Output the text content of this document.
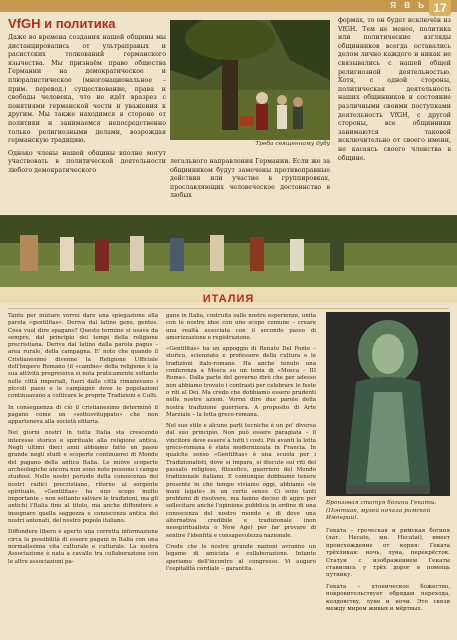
Я В Ь 17
VfGH и политика

Даже во времена создания нашей общины мы дистанцировались от ультраправых и расистских толкований германского язычества. Мы признаём право общества Германии на демократическое и плюралистическое (многонациональное – прим. перевод.) существование, права и свободы человека, что не идёт вразрез с понятиями германской чести и уважения к другим. Мы также находимся в стороне от политики и занимаемся непосредственно только религиозными делами, возрождая германскую традицию.

Однако члены нашей общины вполне могут участвовать в политической деятельности любого демократического

Треба священному дубу

легального направления Германии. Если же за общинником будут замечены противоправные действия или участие в группировках, прославляющих человеческое достоинство в любых

формах, то он будет исключён из VfGH. Тем не менее, политика или политические взгляды общинников всегда оставались делом лично каждого и никак не связывались с нашей общей религиозной деятельностью. Хотя, с одной стороны, политическая деятельность наших общинников и состояние различными своими поступками деятельность VfGH, с другой стороны, все общинники занимаются таковой исключительно от своего имени, не касаясь своего членства в общине.

ИТАЛИЯ

Tanto per iniziare vorrei dare una spiegazione alla parola «gentilitas». Deriva dal latino gens, gentes. Cosa vuol dire spagano? Questo termine si usava da sempre, dal principio dei tempi della religione precristiana. Deriva dal latino dalla parola pagus – area rurale, della campagna. E' noto che quando il Cristianesimo divenne la Religione Ufficiale dell'Impero Romano (il «cambio» della religione è la sua attività progressiva si nota praticamente soltanto nelle città imperiali, fuori dalle città rimanevano i piccoli paesi e le campagne dove le popolazioni continuavano a coltivare le proprie Tradizioni e Culti.

In conseguenza di ciò il cristianesimo determinò il pagano come un «sottosviluppato» che non apparteneva alla società elitaria.

Nei giorni nostri in tutta Italia sta crescendo interesse storico e spirituale alla religione antica. Negli ultimi dieci anni abbiamo fatto un passo grande negli studi e scoperte continuerei di Mondo del pagano della antica Italia. Le nuove scoperte archeologiche ancora non sono noto possono i campo studiosi. Nello nostri periodo della conoscenza dei nostri radici precristiane, ritorno al sorgente spirituale, «Gentilitas» ha uno scopo molto importante – non soltanto salvare le tradizioni, ma gli antichi l'Italia fino al titolo, ma anche diffondere e insegnare quella saggezza e conoscenza antica dei nostri antenati, del nostro popolo italiano.

Diffondere libero e aperto una corretta informazione circa la possibilità di essere pagani in Italia con una normalissima vita culturale e culturale. La nostra Associazione è nata a cavallo tra collaborazione con le altre associazioni pa-

gane in Italia, costruita sulle nostre esperienze, unita con le nostre idee con uno scopo comune – creare una realtà associata con il secondo passo di amorizzazione e registrazione.

«Gentilitas» ha un appoggio di Renato Del Ponte – storico, scienziato e professore della cultura e le tradizioni italo-romane. Ha anche tenuto una conferenza a Mosca su un tema di «Mosca – III Roma». Dalla parte del governo dirò che per adesso non abbiamo trovato i contrasti per celebrare le feste o riti al Dei. Ma credo che dobbiamo essere prudenti nelle nostre azioni. Vorrei dire due parole della nostra tradizione guerriera. A proposito di Arte Marziale – la lotta greco-romana.

Nel suo stile e alcune parti tecniche è un po' diversa dal suo principio. Non può essere paragiata – il vincitore deve essere a tutti i costi. Più avanti la lotta greco-romana è stata modernizzata in Francia. In qualche senso «Gentilitas» è una scuola per i Tradizionalisti, dove si impara, si discute sui riti del passato religioso, filosofico, guerriero del Mondo tradizionale italiano. E comunque dobbiamo tenere presente in che tempo viviamo oggi, abbiamo «le mani legate» in un certo senso. Ci sono tanti problemi di risolvere, ma hanno deciso di agire per sollecitare anche l'opinione pubblica in ordine di una conoscenza del nostro mondo e di dove una alternativa credibile e tradizionale (non neospiritualista o New Age) per far provare di sentire l'identità e consapevolezza nazionale.

Credo che le nostre grande nazioni avranno un legame di amicizia e collaborazione. Intanto speriamo dell'incontro al congresso. Vi auguro l'ospitalità cordiale – garantita.

Бронзовая статуя богини Гекаты. (Понтиак, музей начала римской Империи).

Геката – греческая и римская богиня (лат. Hecate, мн. Hecatai), имеет происхождение от корня: Геката трёхликая: ночь, луна, перекрёсток. Статуи с изображением Гекаты ставились у трёх дорог в помощь путнику.

Геката – хтоническое божество, покровительствует обрядам перехода, колдовству, луне и ночи. Это связи между миром живых и мёртвых.
